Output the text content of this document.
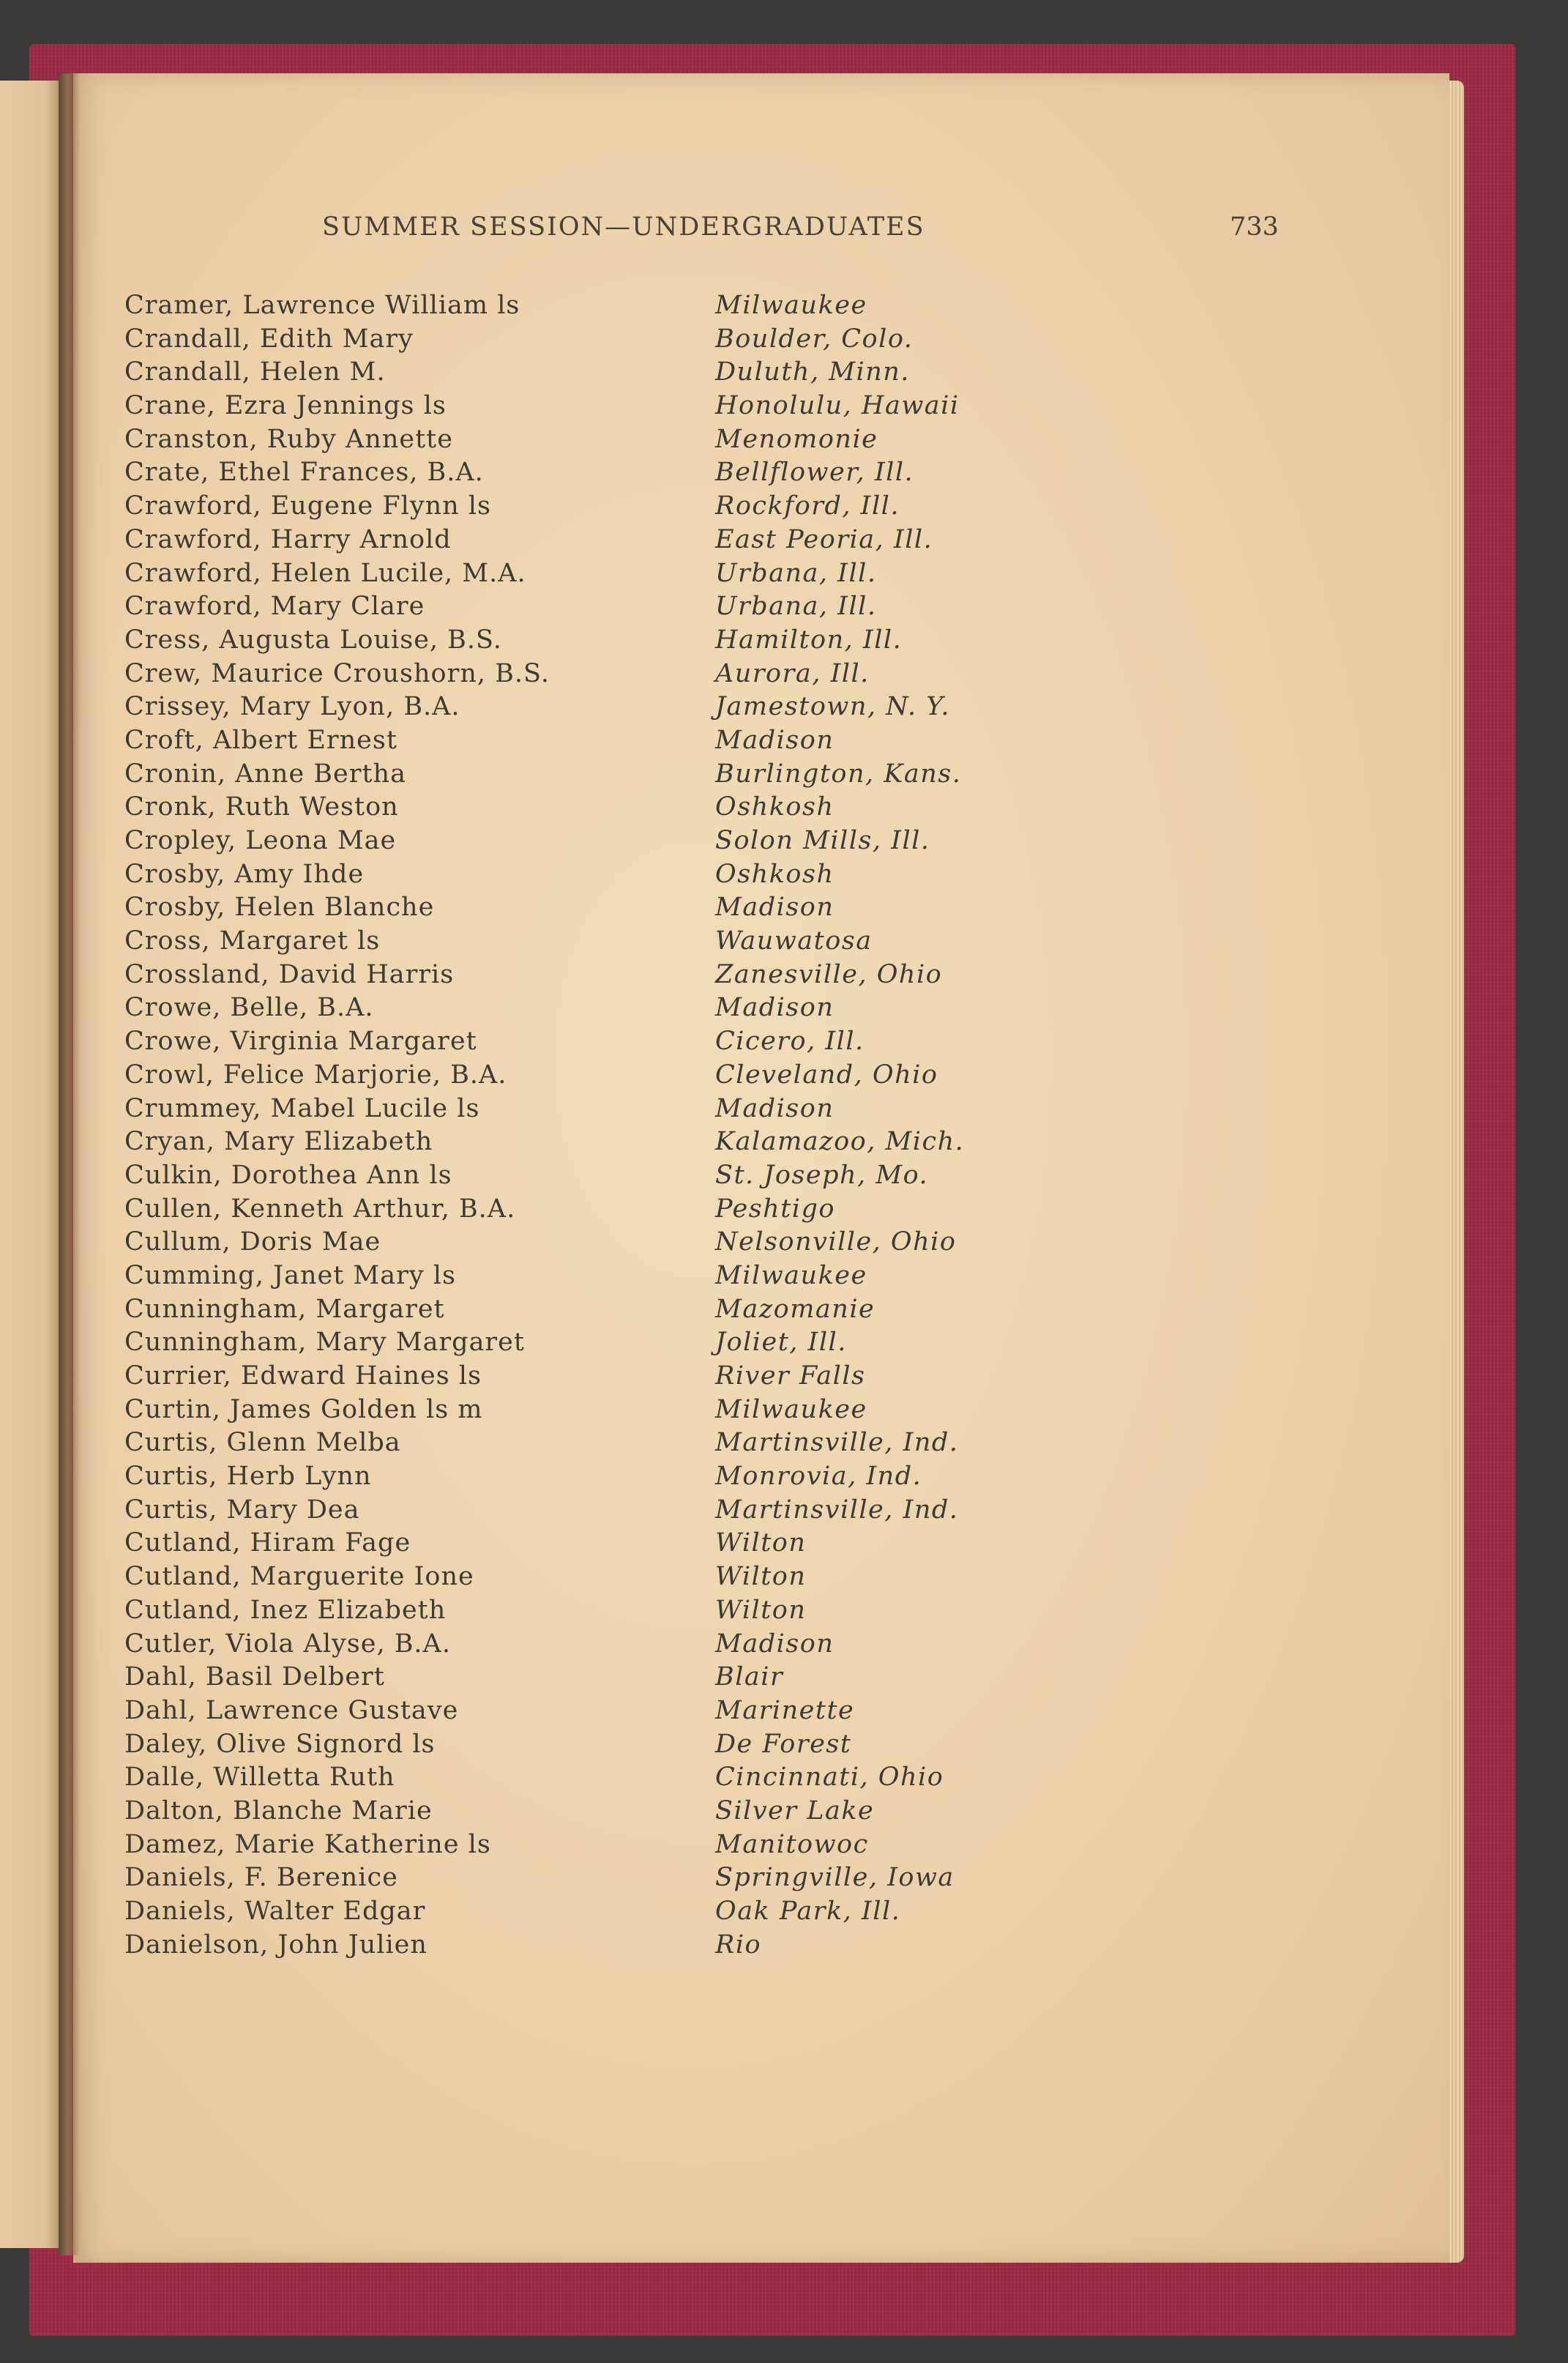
SUMMER SESSION—UNDERGRADUATES	733
Cramer, Lawrence William ls	Milwaukee
Crandall, Edith Mary	Boulder, Colo.
Crandall, Helen M.	Duluth, Minn.
Crane, Ezra Jennings ls	Honolulu, Hawaii
Cranston, Ruby Annette	Menomonie
Crate, Ethel Frances, B.A.	Bellflower, Ill.
Crawford, Eugene Flynn ls	Rockford, Ill.
Crawford, Harry Arnold	East Peoria, Ill.
Crawford, Helen Lucile, M.A.	Urbana, Ill.
Crawford, Mary Clare	Urbana, Ill.
Cress, Augusta Louise, B.S.	Hamilton, Ill.
Crew, Maurice Croushorn, B.S.	Aurora, Ill.
Crissey, Mary Lyon, B.A.	Jamestown, N. Y.
Croft, Albert Ernest	Madison
Cronin, Anne Bertha	Burlington, Kans.
Cronk, Ruth Weston	Oshkosh
Cropley, Leona Mae	Solon Mills, Ill.
Crosby, Amy Ihde	Oshkosh
Crosby, Helen Blanche	Madison
Cross, Margaret ls	Wauwatosa
Crossland, David Harris	Zanesville, Ohio
Crowe, Belle, B.A.	Madison
Crowe, Virginia Margaret	Cicero, Ill.
Crowl, Felice Marjorie, B.A.	Cleveland, Ohio
Crummey, Mabel Lucile ls	Madison
Cryan, Mary Elizabeth	Kalamazoo, Mich.
Culkin, Dorothea Ann ls	St. Joseph, Mo.
Cullen, Kenneth Arthur, B.A.	Peshtigo
Cullum, Doris Mae	Nelsonville, Ohio
Cumming, Janet Mary ls	Milwaukee
Cunningham, Margaret	Mazomanie
Cunningham, Mary Margaret	Joliet, Ill.
Currier, Edward Haines ls	River Falls
Curtin, James Golden ls m	Milwaukee
Curtis, Glenn Melba	Martinsville, Ind.
Curtis, Herb Lynn	Monrovia, Ind.
Curtis, Mary Dea	Martinsville, Ind.
Cutland, Hiram Fage	Wilton
Cutland, Marguerite Ione	Wilton
Cutland, Inez Elizabeth	Wilton
Cutler, Viola Alyse, B.A.	Madison
Dahl, Basil Delbert	Blair
Dahl, Lawrence Gustave	Marinette
Daley, Olive Signord ls	De Forest
Dalle, Willetta Ruth	Cincinnati, Ohio
Dalton, Blanche Marie	Silver Lake
Damez, Marie Katherine ls	Manitowoc
Daniels, F. Berenice	Springville, Iowa
Daniels, Walter Edgar	Oak Park, Ill.
Danielson, John Julien	Rio
